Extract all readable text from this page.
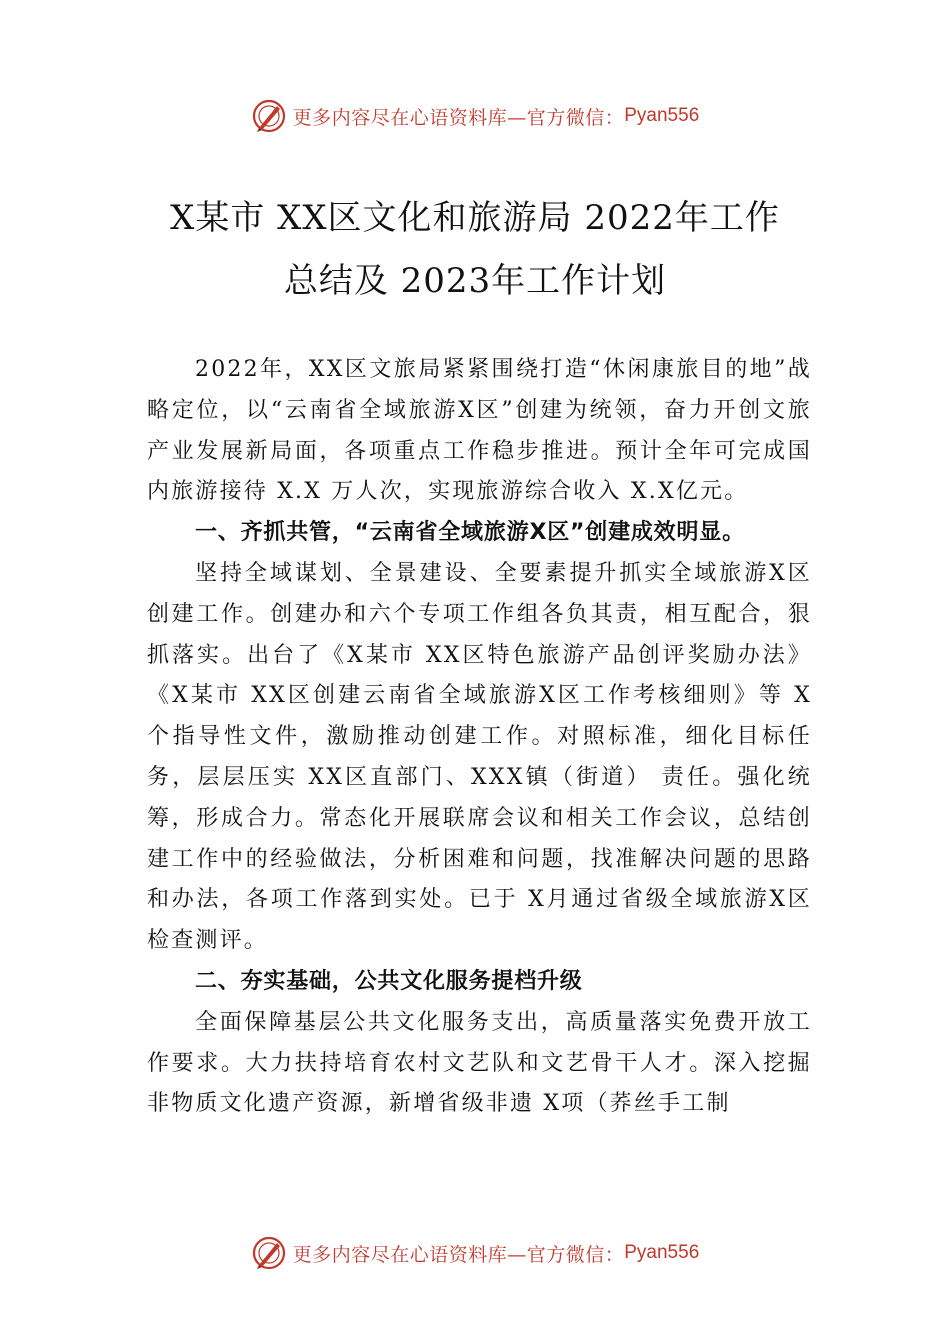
更多内容尽在心语资料库—官方微信： Pyan556
X某市 XX区文化和旅游局 2022年工作
总结及 2023年工作计划

2022年，XX区文旅局紧紧围绕打造“休闲康旅目的地”战略定位，以“云南省全域旅游X区”创建为统领，奋力开创文旅产业发展新局面，各项重点工作稳步推进。预计全年可完成国内旅游接待 X.X 万人次，实现旅游综合收入 X.X亿元。

一、齐抓共管，“云南省全域旅游X区”创建成效明显。

坚持全域谋划、全景建设、全要素提升抓实全域旅游X区创建工作。创建办和六个专项工作组各负其责，相互配合，狠抓落实。出台了《X某市 XX区特色旅游产品创评奖励办法》《X某市 XX区创建云南省全域旅游X区工作考核细则》等 X 个指导性文件，激励推动创建工作。对照标准，细化目标任务，层层压实 XX区直部门、XXX镇（街道） 责任。强化统筹，形成合力。常态化开展联席会议和相关工作会议，总结创建工作中的经验做法，分析困难和问题，找准解决问题的思路和办法，各项工作落到实处。已于 X月通过省级全域旅游X区检查测评。

二、夯实基础，公共文化服务提档升级

全面保障基层公共文化服务支出，高质量落实免费开放工作要求。大力扶持培育农村文艺队和文艺骨干人才。深入挖掘非物质文化遗产资源，新增省级非遗 X项（荞丝手工制

更多内容尽在心语资料库—官方微信： Pyan556
